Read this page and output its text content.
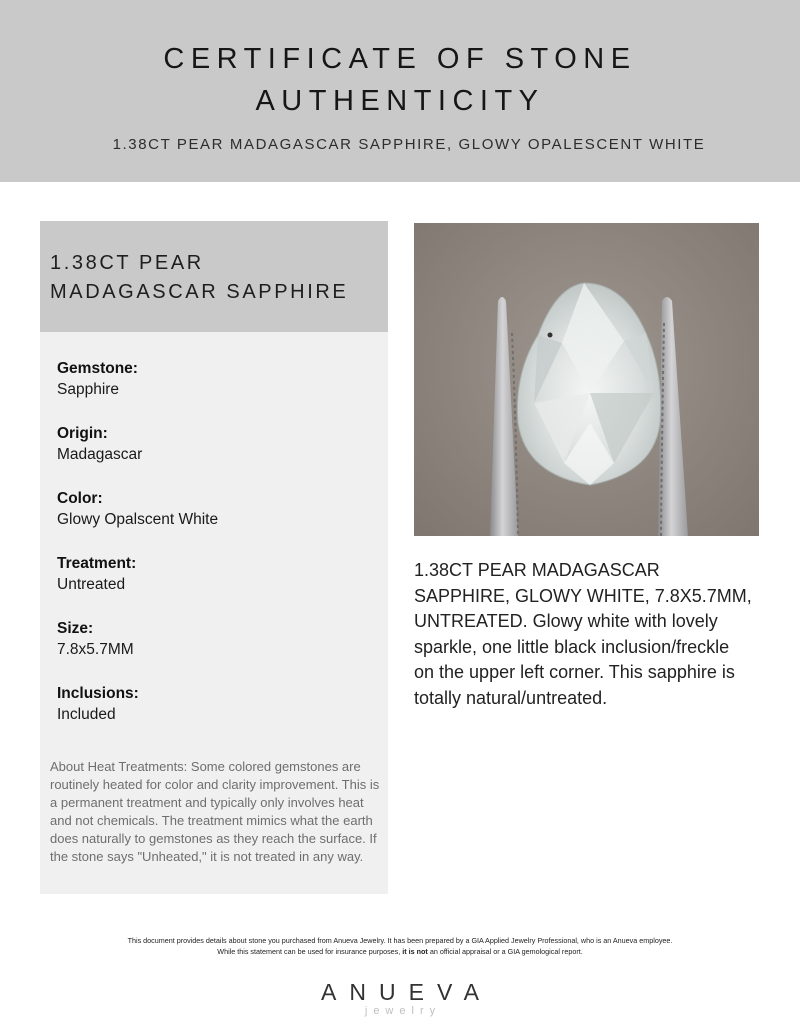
CERTIFICATE OF STONE
AUTHENTICITY
1.38CT PEAR MADAGASCAR SAPPHIRE, GLOWY OPALESCENT WHITE
1.38CT PEAR
MADAGASCAR SAPPHIRE
Gemstone:
Sapphire
Origin:
Madagascar
Color:
Glowy Opalscent White
Treatment:
Untreated
Size:
7.8x5.7MM
Inclusions:
Included
About Heat Treatments: Some colored gemstones are routinely heated for color and clarity improvement. This is a permanent treatment and typically only involves heat and not chemicals. The treatment mimics what the earth does naturally to gemstones as they reach the surface. If the stone says "Unheated," it is not treated in any way.
1.38CT PEAR MADAGASCAR SAPPHIRE, GLOWY WHITE, 7.8X5.7MM, UNTREATED. Glowy white with lovely sparkle, one little black inclusion/freckle on the upper left corner. This sapphire is totally natural/untreated.
This document provides details about stone you purchased from Anueva Jewelry. It has been prepared by a GIA Applied Jewelry Professional, who is an Anueva employee.
While this statement can be used for insurance purposes, it is not an official appraisal or a GIA gemological report.
ANUEVA
jewelry
